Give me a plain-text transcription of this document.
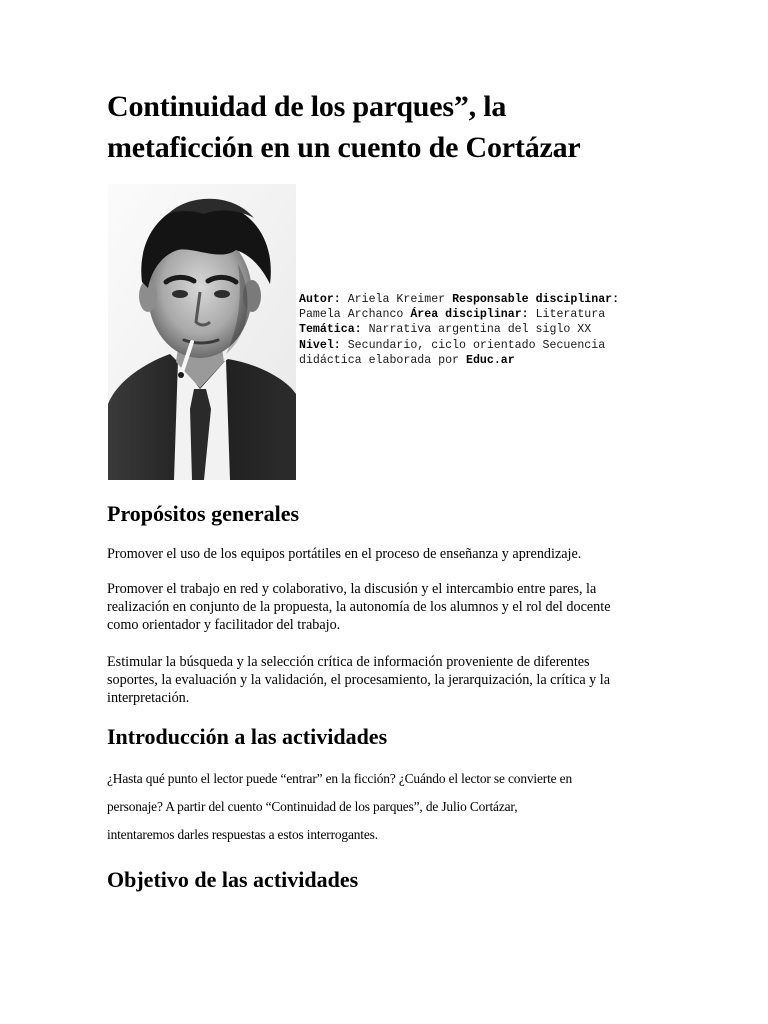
Continuidad de los parques”, la
metaficción en un cuento de Cortázar
Autor: Ariela Kreimer Responsable disciplinar:
Pamela Archanco Área disciplinar: Literatura
Temática: Narrativa argentina del siglo XX
Nivel: Secundario, ciclo orientado Secuencia
didáctica elaborada por Educ.ar
Propósitos generales

Promover el uso de los equipos portátiles en el proceso de enseñanza y aprendizaje.

Promover el trabajo en red y colaborativo, la discusión y el intercambio entre pares, la
realización en conjunto de la propuesta, la autonomía de los alumnos y el rol del docente
como orientador y facilitador del trabajo.

Estimular la búsqueda y la selección crítica de información proveniente de diferentes
soportes, la evaluación y la validación, el procesamiento, la jerarquización, la crítica y la
interpretación.

Introducción a las actividades

¿Hasta qué punto el lector puede “entrar” en la ficción? ¿Cuándo el lector se convierte en
personaje? A partir del cuento “Continuidad de los parques”, de Julio Cortázar,
intentaremos darles respuestas a estos interrogantes.

Objetivo de las actividades
